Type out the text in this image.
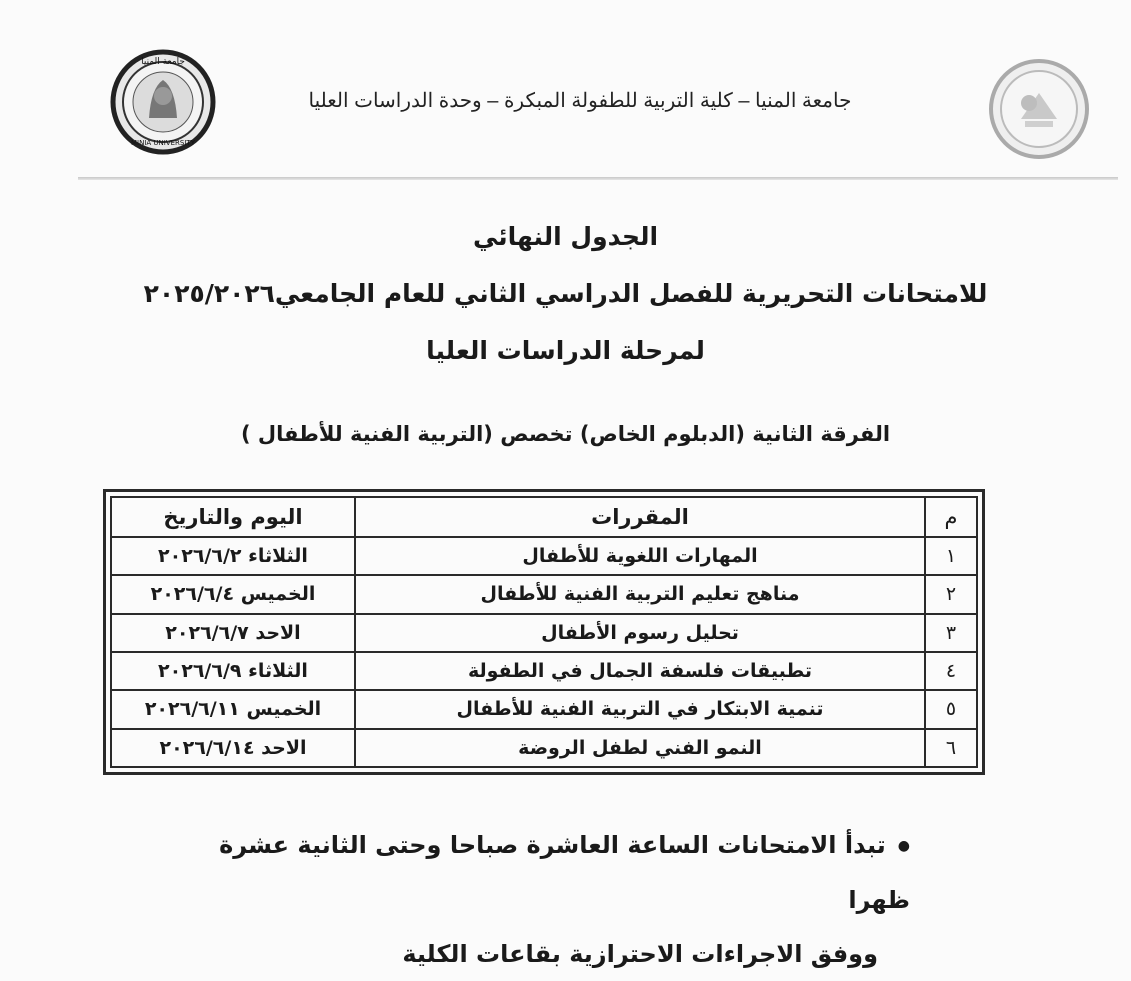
جامعة المنيا
MINIA UNIVERSITY
جامعة المنيا – كلية التربية للطفولة المبكرة – وحدة الدراسات العليا
الجدول النهائي
للامتحانات التحريرية للفصل الدراسي الثاني للعام الجامعي٢٠٢٥/٢٠٢٦
لمرحلة الدراسات العليا
الفرقة الثانية (الدبلوم الخاص) تخصص (التربية الفنية للأطفال )
م	المقررات	اليوم والتاريخ
١	المهارات اللغوية للأطفال	الثلاثاء ٢٠٢٦/٦/٢
٢	مناهج تعليم التربية الفنية للأطفال	الخميس ٢٠٢٦/٦/٤
٣	تحليل رسوم الأطفال	الاحد ٢٠٢٦/٦/٧
٤	تطبيقات فلسفة الجمال في الطفولة	الثلاثاء ٢٠٢٦/٦/٩
٥	تنمية الابتكار في التربية الفنية للأطفال	الخميس ٢٠٢٦/٦/١١
٦	النمو الفني لطفل الروضة	الاحد ٢٠٢٦/٦/١٤
●تبدأ الامتحانات الساعة العاشرة صباحا وحتى الثانية عشرة ظهرا
ووفق الاجراءات الاحترازية بقاعات الكلية
